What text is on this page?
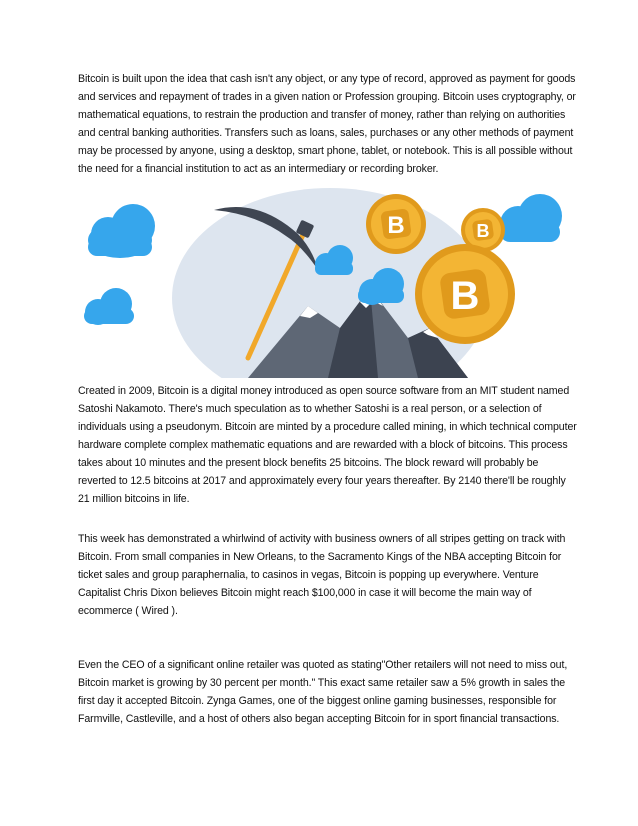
Bitcoin is built upon the idea that cash isn't any object, or any type of record, approved as payment for goods and services and repayment of trades in a given nation or Profession grouping. Bitcoin uses cryptography, or mathematical equations, to restrain the production and transfer of money, rather than relying on authorities and central banking authorities. Transfers such as loans, sales, purchases or any other methods of payment may be processed by anyone, using a desktop, smart phone, tablet, or notebook. This is all possible without the need for a financial institution to act as an intermediary or recording broker.

B	B
B

Created in 2009, Bitcoin is a digital money introduced as open source software from an MIT student named Satoshi Nakamoto. There's much speculation as to whether Satoshi is a real person, or a selection of individuals using a pseudonym. Bitcoin are minted by a procedure called mining, in which technical computer hardware complete complex mathematic equations and are rewarded with a block of bitcoins. This process takes about 10 minutes and the present block benefits 25 bitcoins. The block reward will probably be reverted to 12.5 bitcoins at 2017 and approximately every four years thereafter. By 2140 there'll be roughly 21 million bitcoins in life.

This week has demonstrated a whirlwind of activity with business owners of all stripes getting on track with Bitcoin. From small companies in New Orleans, to the Sacramento Kings of the NBA accepting Bitcoin for ticket sales and group paraphernalia, to casinos in vegas, Bitcoin is popping up everywhere. Venture Capitalist Chris Dixon believes Bitcoin might reach $100,000 in case it will become the main way of ecommerce ( Wired ).

Even the CEO of a significant online retailer was quoted as stating"Other retailers will not need to miss out, Bitcoin market is growing by 30 percent per month." This exact same retailer saw a 5% growth in sales the first day it accepted Bitcoin. Zynga Games, one of the biggest online gaming businesses, responsible for Farmville, Castleville, and a host of others also began accepting Bitcoin for in sport financial transactions.
